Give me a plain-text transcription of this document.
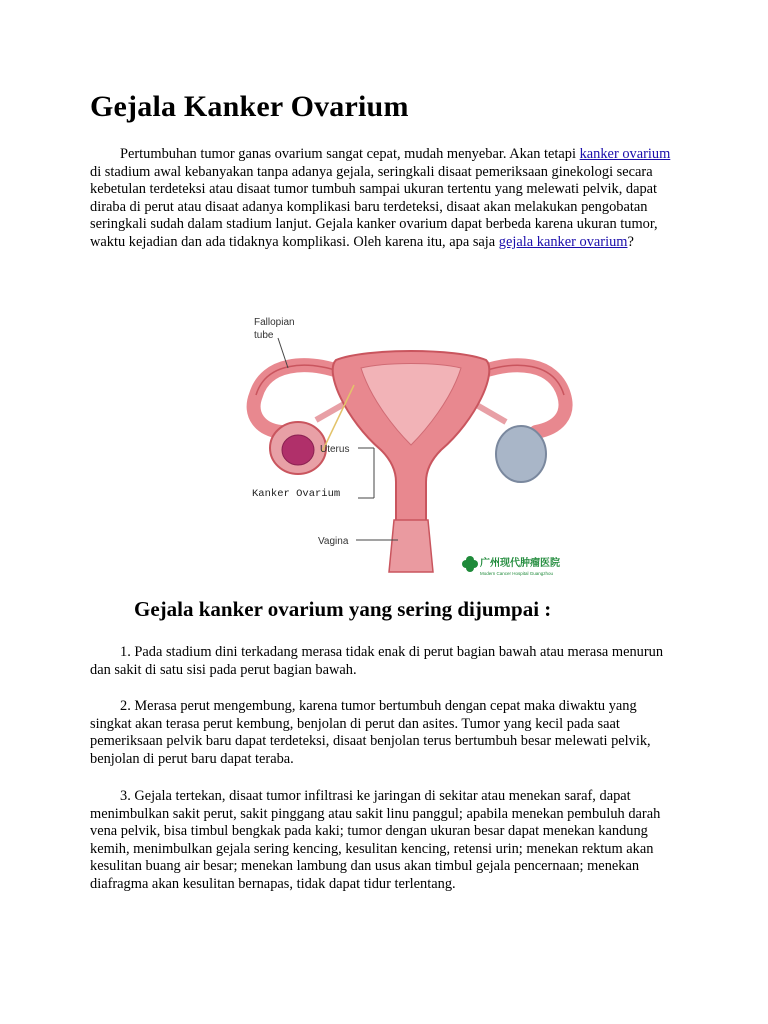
Gejala Kanker Ovarium

Pertumbuhan tumor ganas ovarium sangat cepat, mudah menyebar. Akan tetapi kanker ovarium di stadium awal kebanyakan tanpa adanya gejala, seringkali disaat pemeriksaan ginekologi secara kebetulan terdeteksi atau disaat tumor tumbuh sampai ukuran tertentu yang melewati pelvik, dapat diraba di perut atau disaat adanya komplikasi baru terdeteksi, disaat akan melakukan pengobatan seringkali sudah dalam stadium lanjut. Gejala kanker ovarium dapat berbeda karena ukuran tumor, waktu kejadian dan ada tidaknya komplikasi. Oleh karena itu, apa saja gejala kanker ovarium?

Fallopian
tube
Uterus
Kanker Ovarium
Vagina
广州现代肿瘤医院
Modern Cancer Hospital Guangzhou
Gejala kanker ovarium yang sering dijumpai :

1. Pada stadium dini terkadang merasa tidak enak di perut bagian bawah atau merasa menurun dan sakit di satu sisi pada perut bagian bawah.

2. Merasa perut mengembung, karena tumor bertumbuh dengan cepat maka diwaktu yang singkat akan terasa perut kembung, benjolan di perut dan asites. Tumor yang kecil pada saat pemeriksaan pelvik baru dapat terdeteksi, disaat benjolan terus bertumbuh besar melewati pelvik, benjolan di perut baru dapat teraba.

3. Gejala tertekan, disaat tumor infiltrasi ke jaringan di sekitar atau menekan saraf, dapat menimbulkan sakit perut, sakit pinggang atau sakit linu panggul; apabila menekan pembuluh darah vena pelvik, bisa timbul bengkak pada kaki; tumor dengan ukuran besar dapat menekan kandung kemih, menimbulkan gejala sering kencing, kesulitan kencing, retensi urin; menekan rektum akan kesulitan buang air besar; menekan lambung dan usus akan timbul gejala pencernaan; menekan diafragma akan kesulitan bernapas, tidak dapat tidur terlentang.
